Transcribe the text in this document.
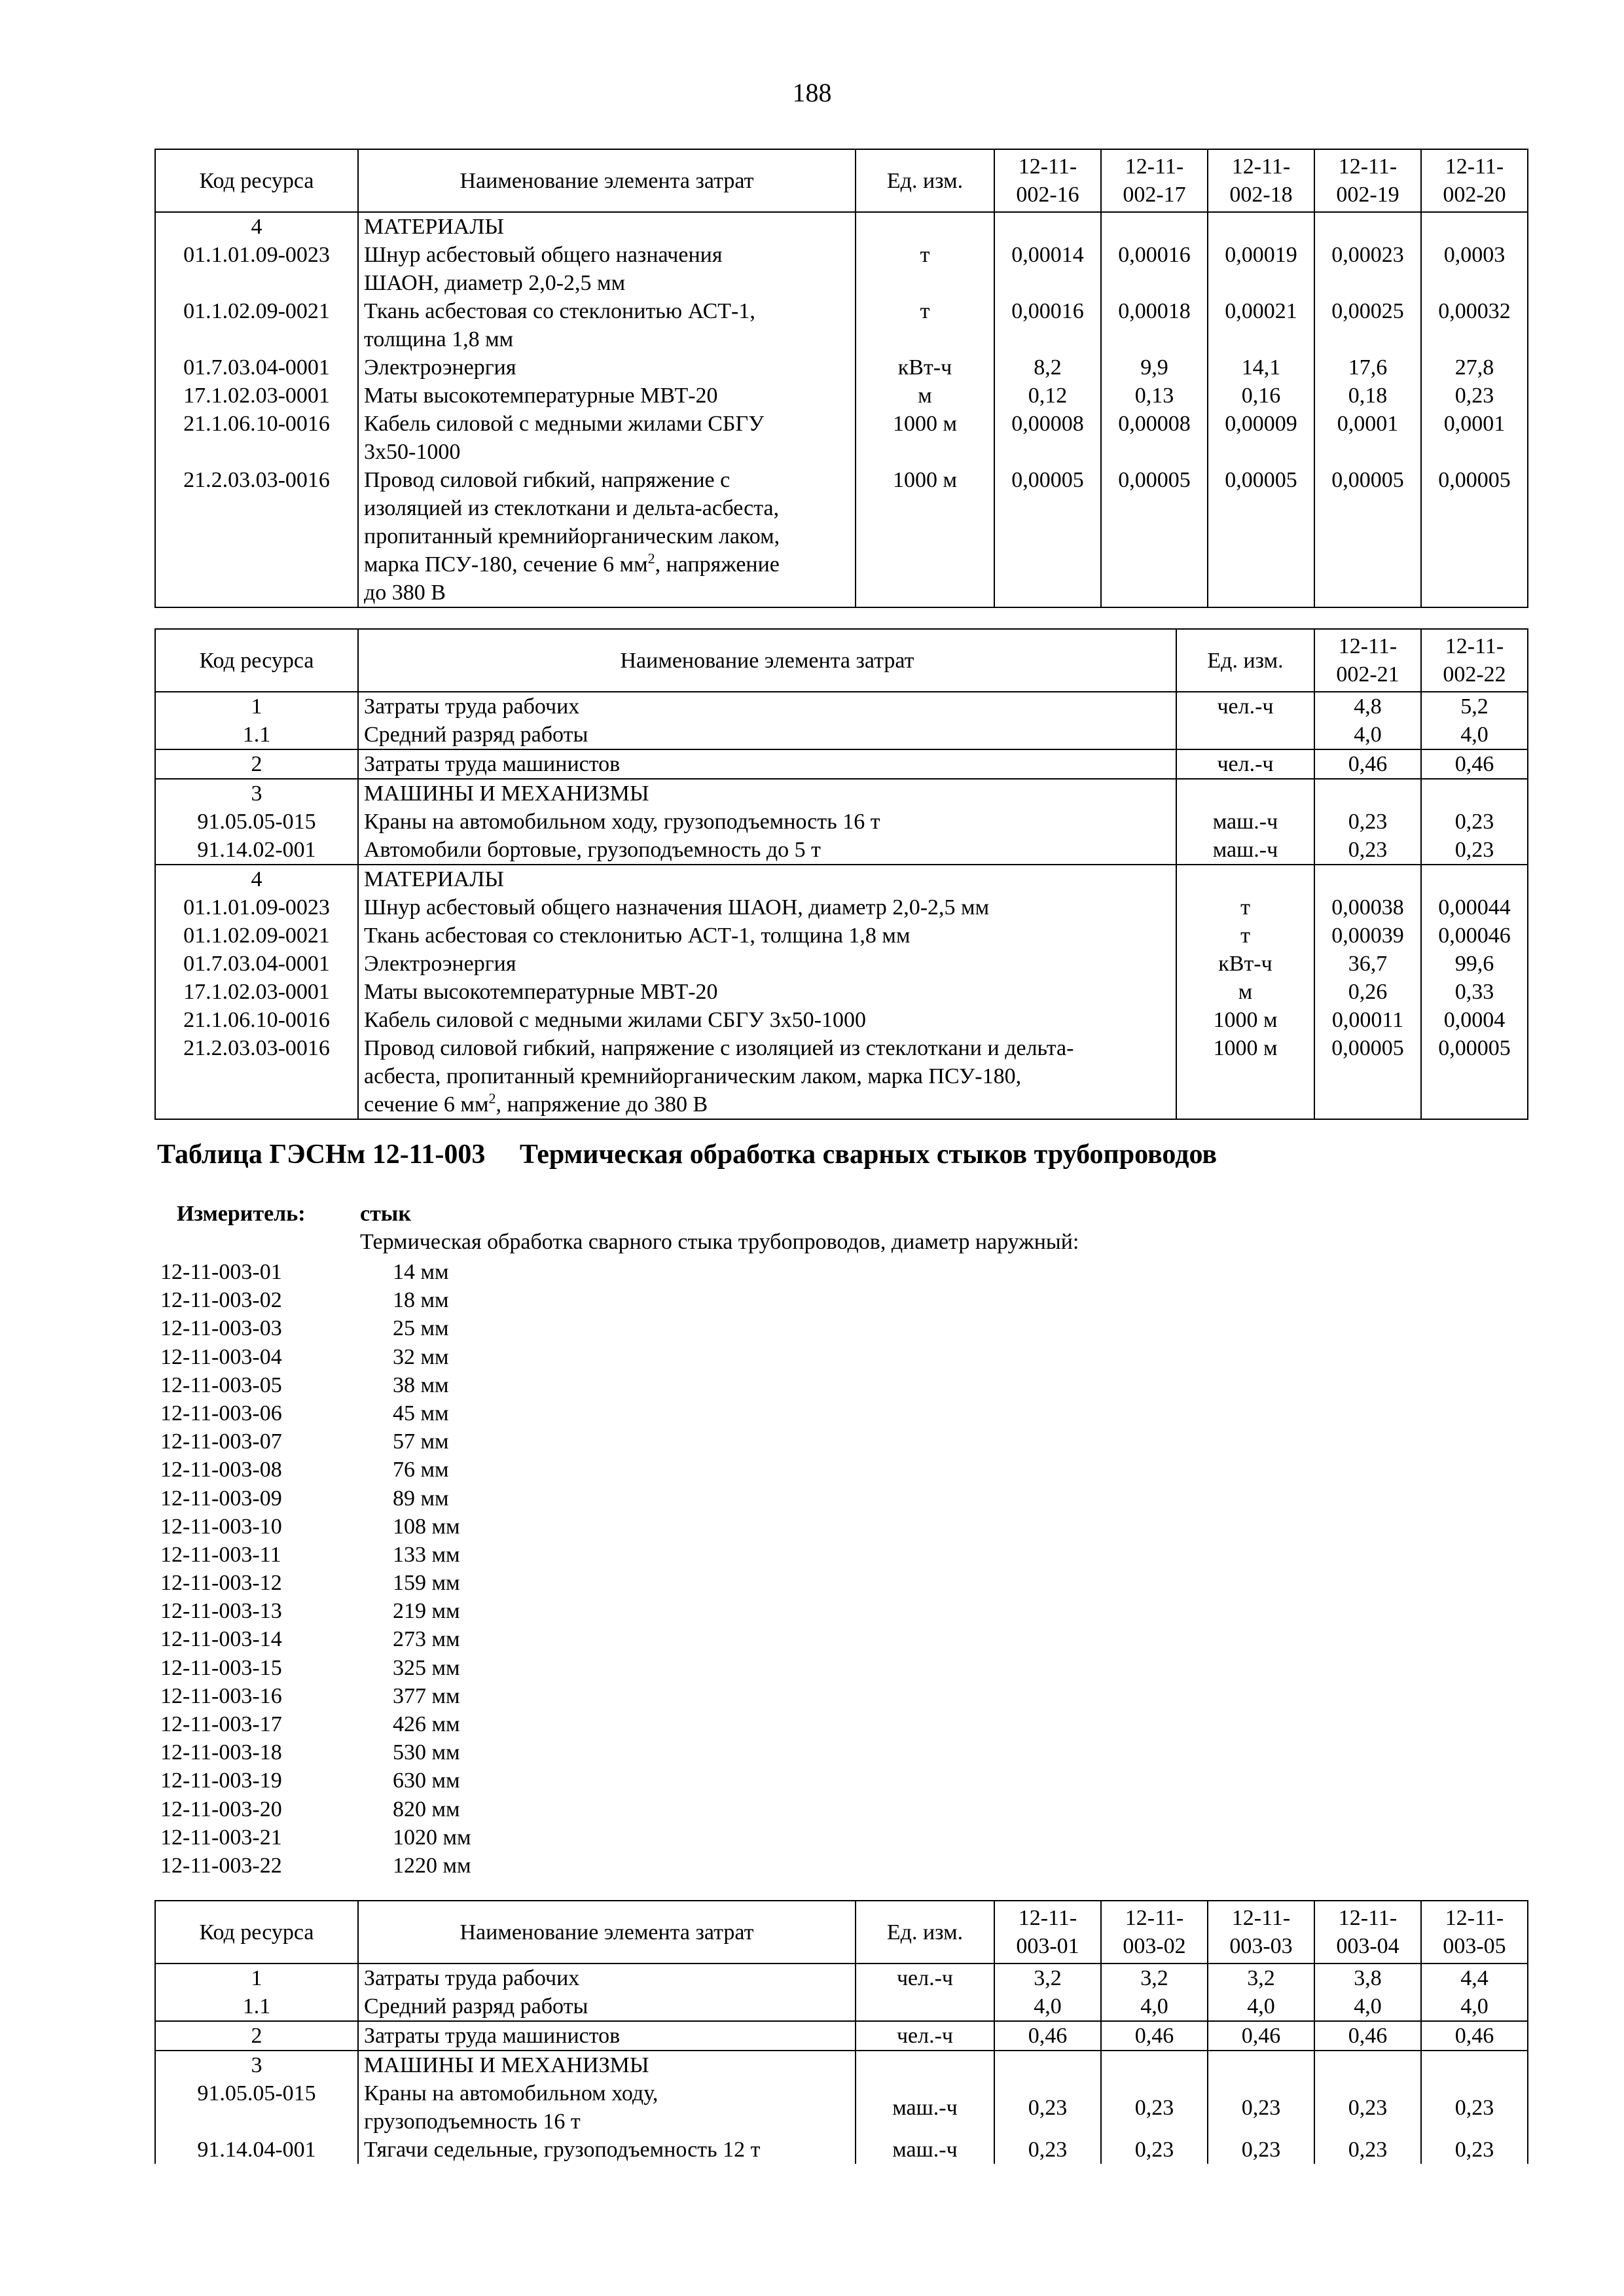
188
Код ресурса	Наименование элемента затрат	Ед. изм.	12-11-
002-16	12-11-
002-17	12-11-
002-18	12-11-
002-19	12-11-
002-20
4	МАТЕРИАЛЫ						
01.1.01.09-0023	Шнур асбестовый общего назначения
ШАОН, диаметр 2,0-2,5 мм	т	0,00014	0,00016	0,00019	0,00023	0,0003
01.1.02.09-0021	Ткань асбестовая со стеклонитью АСТ-1,
толщина 1,8 мм	т	0,00016	0,00018	0,00021	0,00025	0,00032
01.7.03.04-0001	Электроэнергия	кВт-ч	8,2	9,9	14,1	17,6	27,8
17.1.02.03-0001	Маты высокотемпературные МВТ-20	м	0,12	0,13	0,16	0,18	0,23
21.1.06.10-0016	Кабель силовой с медными жилами СБГУ
3х50-1000	1000 м	0,00008	0,00008	0,00009	0,0001	0,0001
21.2.03.03-0016	Провод силовой гибкий, напряжение с
изоляцией из стеклоткани и дельта-асбеста,
пропитанный кремнийорганическим лаком,
марка ПСУ-180, сечение 6 $мм^2$, напряжение
до 380 В	1000 м	0,00005	0,00005	0,00005	0,00005	0,00005
Код ресурса	Наименование элемента затрат	Ед. изм.	12-11-
002-21	12-11-
002-22
1	Затраты труда рабочих	чел.-ч	4,8	5,2
1.1	Средний разряд работы		4,0	4,0
2	Затраты труда машинистов	чел.-ч	0,46	0,46
3	МАШИНЫ И МЕХАНИЗМЫ			
91.05.05-015	Краны на автомобильном ходу, грузоподъемность 16 т	маш.-ч	0,23	0,23
91.14.02-001	Автомобили бортовые, грузоподъемность до 5 т	маш.-ч	0,23	0,23
4	МАТЕРИАЛЫ			
01.1.01.09-0023	Шнур асбестовый общего назначения ШАОН, диаметр 2,0-2,5 мм	т	0,00038	0,00044
01.1.02.09-0021	Ткань асбестовая со стеклонитью АСТ-1, толщина 1,8 мм	т	0,00039	0,00046
01.7.03.04-0001	Электроэнергия	кВт-ч	36,7	99,6
17.1.02.03-0001	Маты высокотемпературные МВТ-20	м	0,26	0,33
21.1.06.10-0016	Кабель силовой с медными жилами СБГУ 3х50-1000	1000 м	0,00011	0,0004
21.2.03.03-0016	Провод силовой гибкий, напряжение с изоляцией из стеклоткани и дельта-
асбеста, пропитанный кремнийорганическим лаком, марка ПСУ-180,
сечение 6 $мм^2$, напряжение до 380 В	1000 м	0,00005	0,00005
Таблица ГЭСНм 12-11-003     Термическая обработка сварных стыков трубопроводов
Измеритель: стык
Термическая обработка сварного стыка трубопроводов, диаметр наружный:
12-11-003-01	14 мм
12-11-003-02	18 мм
12-11-003-03	25 мм
12-11-003-04	32 мм
12-11-003-05	38 мм
12-11-003-06	45 мм
12-11-003-07	57 мм
12-11-003-08	76 мм
12-11-003-09	89 мм
12-11-003-10	108 мм
12-11-003-11	133 мм
12-11-003-12	159 мм
12-11-003-13	219 мм
12-11-003-14	273 мм
12-11-003-15	325 мм
12-11-003-16	377 мм
12-11-003-17	426 мм
12-11-003-18	530 мм
12-11-003-19	630 мм
12-11-003-20	820 мм
12-11-003-21	1020 мм
12-11-003-22	1220 мм
Код ресурса	Наименование элемента затрат	Ед. изм.	12-11-
003-01	12-11-
003-02	12-11-
003-03	12-11-
003-04	12-11-
003-05
1	Затраты труда рабочих	чел.-ч	3,2	3,2	3,2	3,8	4,4
1.1	Средний разряд работы		4,0	4,0	4,0	4,0	4,0
2	Затраты труда машинистов	чел.-ч	0,46	0,46	0,46	0,46	0,46
3	МАШИНЫ И МЕХАНИЗМЫ						
91.05.05-015	Краны на автомобильном ходу,
грузоподъемность 16 т	маш.-ч	0,23	0,23	0,23	0,23	0,23
91.14.04-001	Тягачи седельные, грузоподъемность 12 т	маш.-ч	0,23	0,23	0,23	0,23	0,23
